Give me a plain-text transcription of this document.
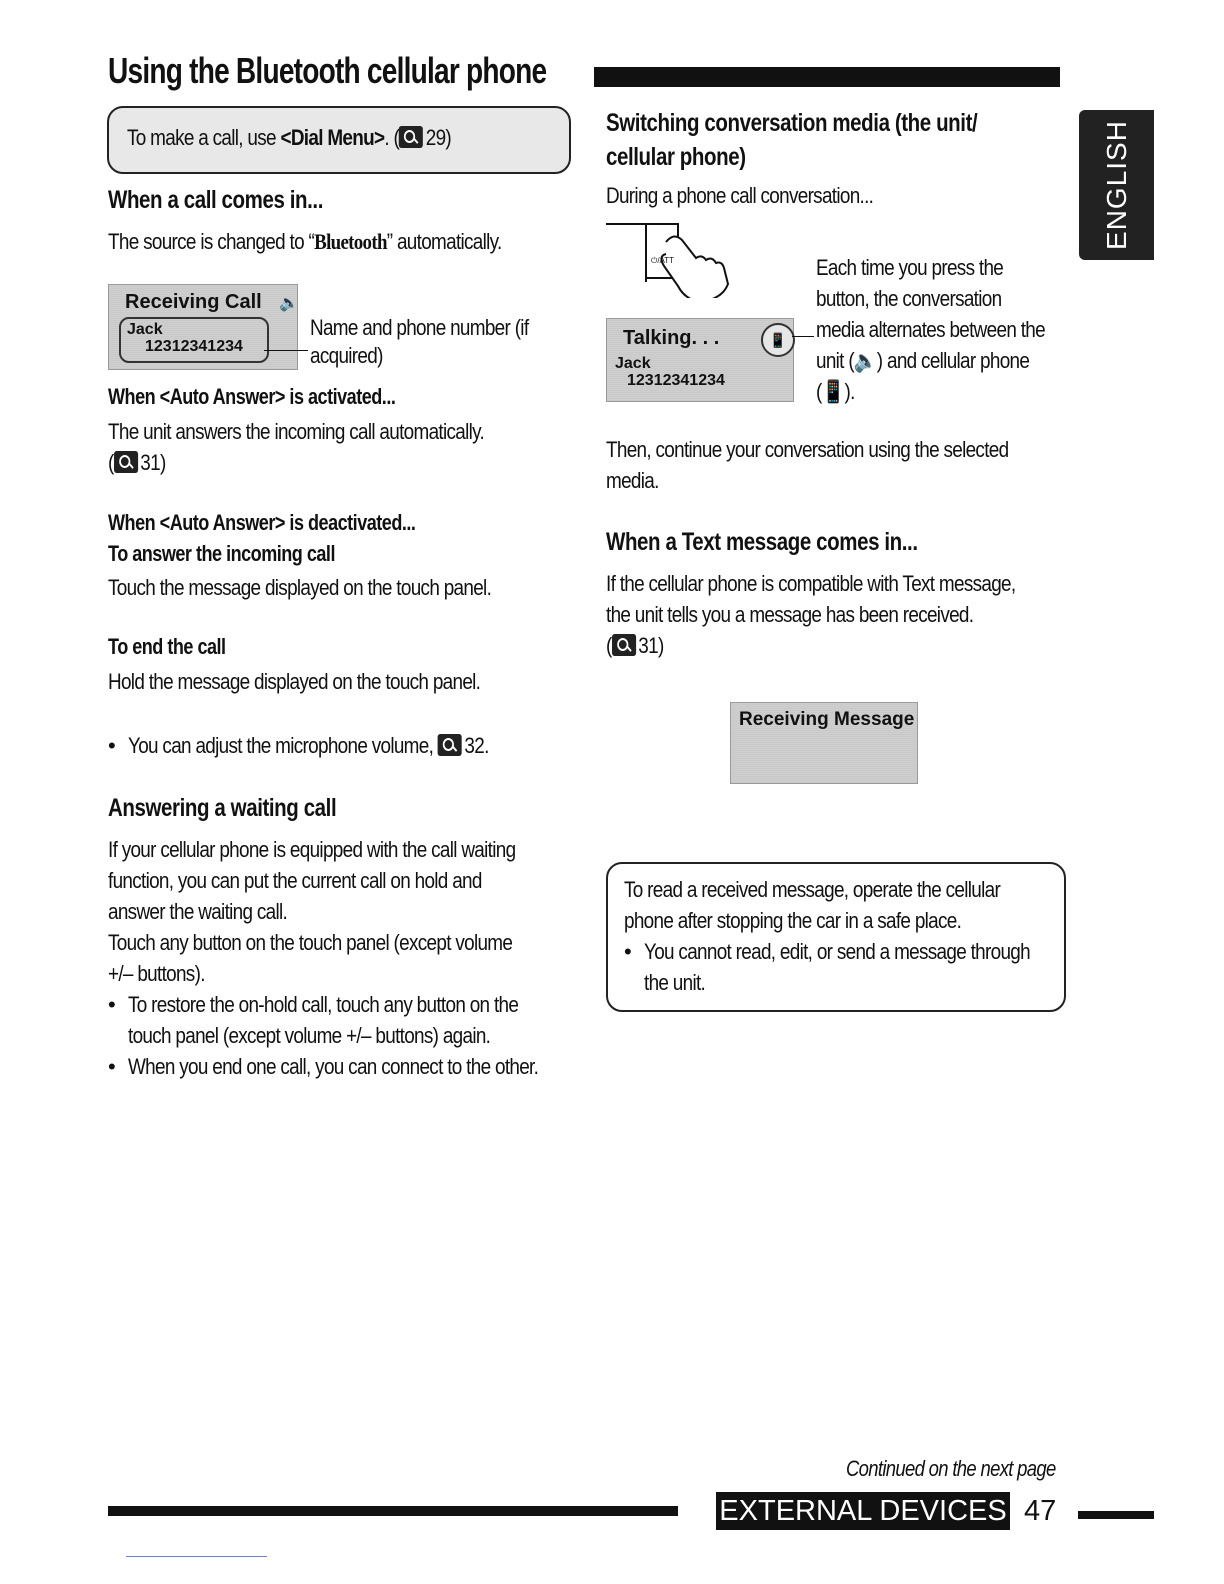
Using the Bluetooth cellular phone
ENGLISH
To make a call, use <Dial Menu>. ( 29)
When a call comes in...
The source is changed to “Bluetooth” automatically.
Receiving Call 🔈
Jack
12312341234

Name and phone number (if

acquired)

When <Auto Answer> is activated...

The unit answers the incoming call automatically.

( 31)

When <Auto Answer> is deactivated...
To answer the incoming call
Touch the message displayed on the touch panel.
To end the call
Hold the message displayed on the touch panel.
• You can adjust the microphone volume, 32.
Answering a waiting call

If your cellular phone is equipped with the call waiting

function, you can put the current call on hold and

answer the waiting call.

Touch any button on the touch panel (except volume

+/– buttons).

• To restore the on-hold call, touch any button on the

touch panel (except volume +/– buttons) again.

• When you end one call, you can connect to the other.

Switching conversation media (the unit/
cellular phone)
During a phone call conversation...
⏻/ATT
Talking. . .
Jack
12312341234
📱

Each time you press the

button, the conversation

media alternates between the

unit (🔈) and cellular phone

(📱).

Then, continue your conversation using the selected

media.

When a Text message comes in...

If the cellular phone is compatible with Text message,

the unit tells you a message has been received.

( 31)

Receiving Message

To read a received message, operate the cellular

phone after stopping the car in a safe place.

• You cannot read, edit, or send a message through

the unit.

Continued on the next page
EXTERNAL DEVICES 47
